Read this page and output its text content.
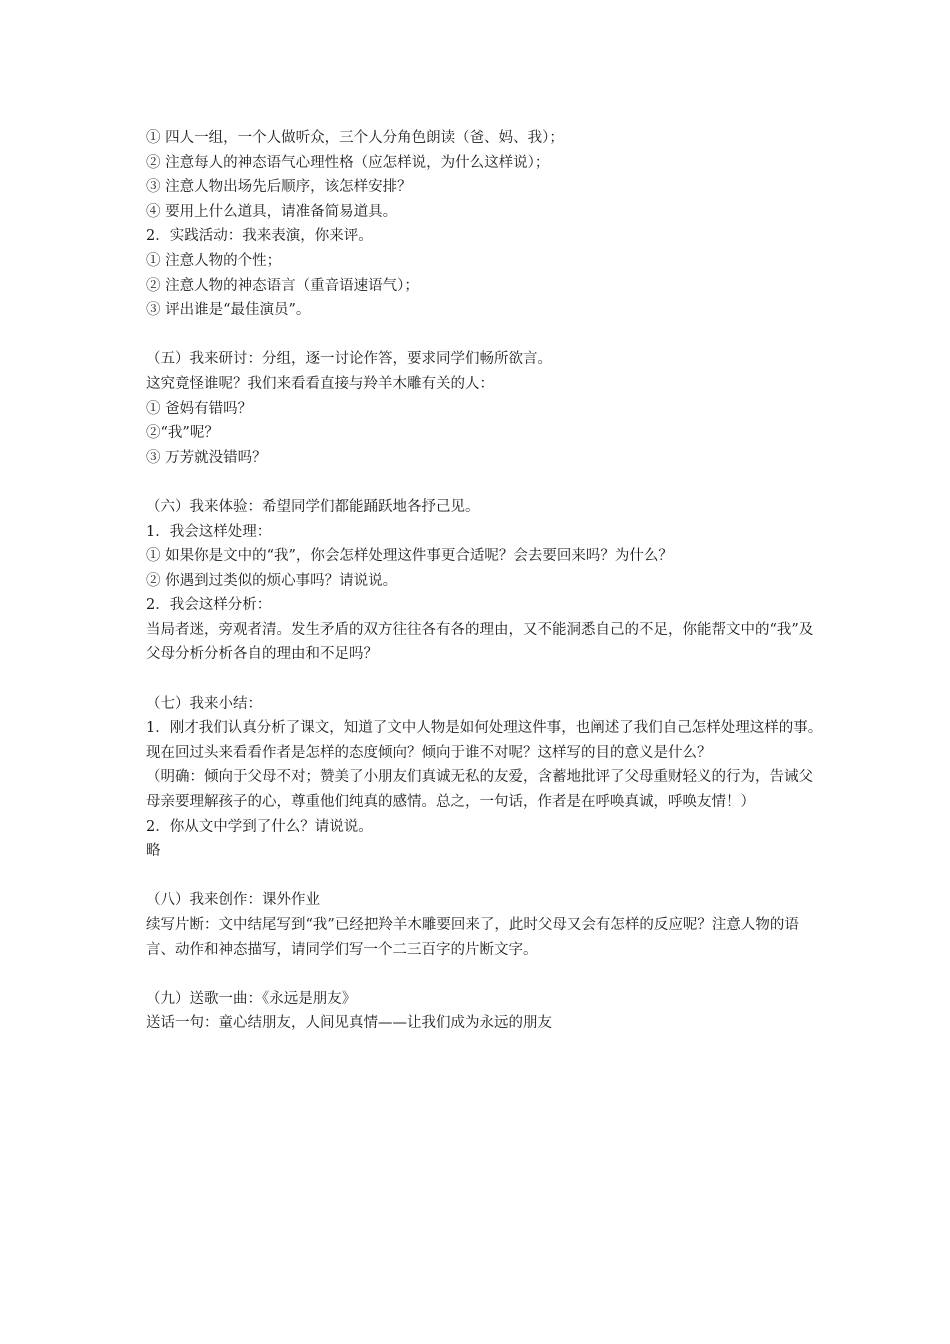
① 四人一组，一个人做听众，三个人分角色朗读（爸、妈、我）；
② 注意每人的神态语气心理性格（应怎样说，为什么这样说）；
③ 注意人物出场先后顺序，该怎样安排？
④ 要用上什么道具，请准备简易道具。
2．实践活动：我来表演，你来评。
① 注意人物的个性；
② 注意人物的神态语言（重音语速语气）；
③ 评出谁是“最佳演员”。
（五）我来研讨：分组，逐一讨论作答，要求同学们畅所欲言。
这究竟怪谁呢？我们来看看直接与羚羊木雕有关的人：
① 爸妈有错吗？
②“我”呢？
③ 万芳就没错吗？
（六）我来体验：希望同学们都能踊跃地各抒己见。
1．我会这样处理：
① 如果你是文中的“我”，你会怎样处理这件事更合适呢？会去要回来吗？为什么？
② 你遇到过类似的烦心事吗？请说说。
2．我会这样分析：
当局者迷，旁观者清。发生矛盾的双方往往各有各的理由，又不能洞悉自己的不足，你能帮文中的“我”及父母分析分析各自的理由和不足吗？
（七）我来小结：
1．刚才我们认真分析了课文，知道了文中人物是如何处理这件事，也阐述了我们自己怎样处理这样的事。现在回过头来看看作者是怎样的态度倾向？倾向于谁不对呢？这样写的目的意义是什么？
（明确：倾向于父母不对；赞美了小朋友们真诚无私的友爱，含蓄地批评了父母重财轻义的行为，告诫父母亲要理解孩子的心，尊重他们纯真的感情。总之，一句话，作者是在呼唤真诚，呼唤友情！）
2．你从文中学到了什么？请说说。
略
（八）我来创作：课外作业
续写片断：文中结尾写到“我”已经把羚羊木雕要回来了，此时父母又会有怎样的反应呢？注意人物的语言、动作和神态描写，请同学们写一个二三百字的片断文字。
（九）送歌一曲：《永远是朋友》
送话一句：童心结朋友，人间见真情——让我们成为永远的朋友
